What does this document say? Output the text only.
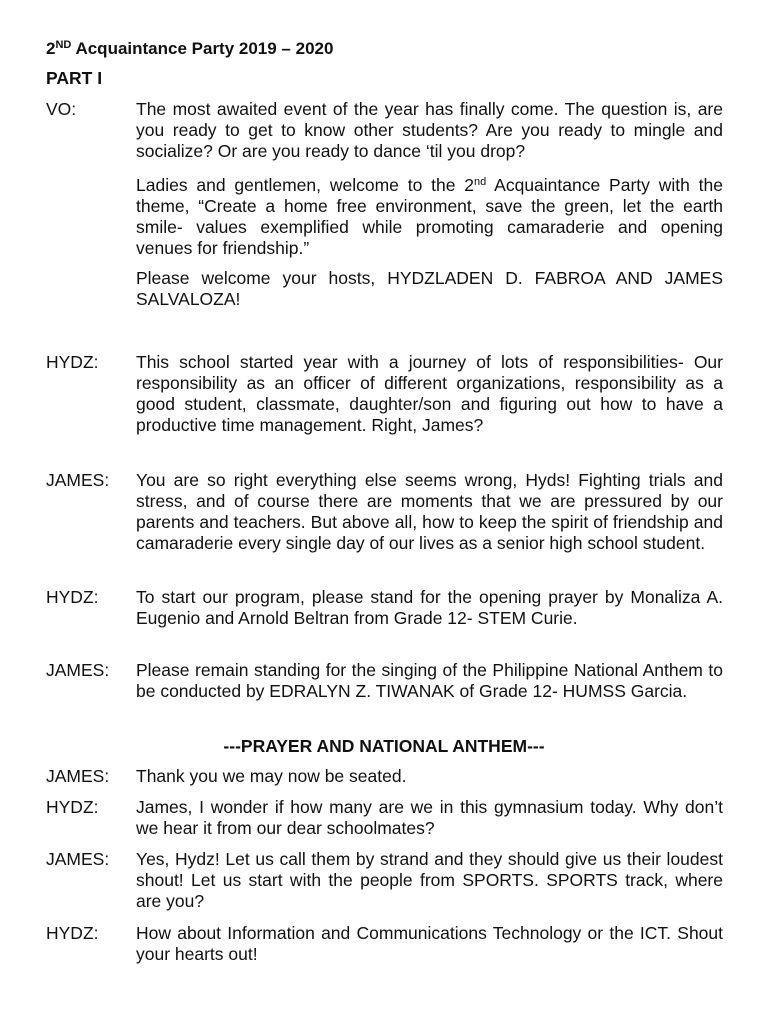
2ND Acquaintance Party 2019 – 2020
PART I
VO:	The most awaited event of the year has finally come. The question is, are you ready to get to know other students? Are you ready to mingle and socialize? Or are you ready to dance ‘til you drop?
Ladies and gentlemen, welcome to the 2nd Acquaintance Party with the theme, “Create a home free environment, save the green, let the earth smile- values exemplified while promoting camaraderie and opening venues for friendship.”
Please welcome your hosts, HYDZLADEN D. FABROA AND JAMES SALVALOZA!
HYDZ: This school started year with a journey of lots of responsibilities- Our responsibility as an officer of different organizations, responsibility as a good student, classmate, daughter/son and figuring out how to have a productive time management. Right, James?
JAMES: You are so right everything else seems wrong, Hyds! Fighting trials and stress, and of course there are moments that we are pressured by our parents and teachers. But above all, how to keep the spirit of friendship and camaraderie every single day of our lives as a senior high school student.
HYDZ: To start our program, please stand for the opening prayer by Monaliza A. Eugenio and Arnold Beltran from Grade 12- STEM Curie.
JAMES: Please remain standing for the singing of the Philippine National Anthem to be conducted by EDRALYN Z. TIWANAK of Grade 12- HUMSS Garcia.
---PRAYER AND NATIONAL ANTHEM---
JAMES: Thank you we may now be seated.
HYDZ: James, I wonder if how many are we in this gymnasium today. Why don’t we hear it from our dear schoolmates?
JAMES: Yes, Hydz! Let us call them by strand and they should give us their loudest shout! Let us start with the people from SPORTS. SPORTS track, where are you?
HYDZ: How about Information and Communications Technology or the ICT. Shout your hearts out!
